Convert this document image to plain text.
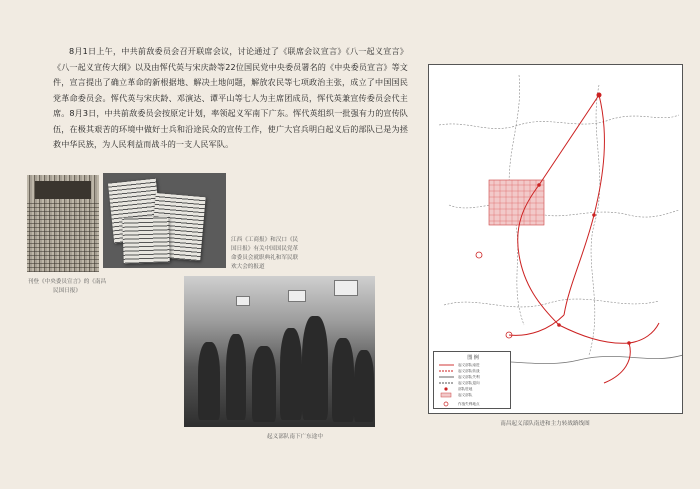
8月1日上午，中共前敌委员会召开联席会议，讨论通过了《联席会议宣言》《八一起义宣言》《八一起义宣传大纲》以及由恽代英与宋庆龄等22位国民党中央委员署名的《中央委员宣言》等文件，宣言提出了确立革命的新根据地、解决土地问题，解放农民等七项政治主张，成立了中国国民党革命委员会。恽代英与宋庆龄、邓演达、谭平山等七人为主席团成员，恽代英兼宣传委员会代主席。8月3日，中共前敌委员会按原定计划，率领起义军南下广东。恽代英组织一批强有力的宣传队伍，在极其艰苦的环境中做好士兵和沿途民众的宣传工作，使广大官兵明白起义后的部队已是为拯救中华民族，为人民利益而战斗的一支人民军队。

刊登《中央委员宣言》的《南昌民国日报》

江西《工商报》和汉口《民国日报》有关中国国民党革命委员会就职典礼和军民联欢大会的报道

起义部队南下广东途中

图 例
起义部队南进
起义部队转战
起义部队失利
起义部队退向
部队驻地
起义部队
作战失利地点

南昌起义部队南进和主力转战路线图
